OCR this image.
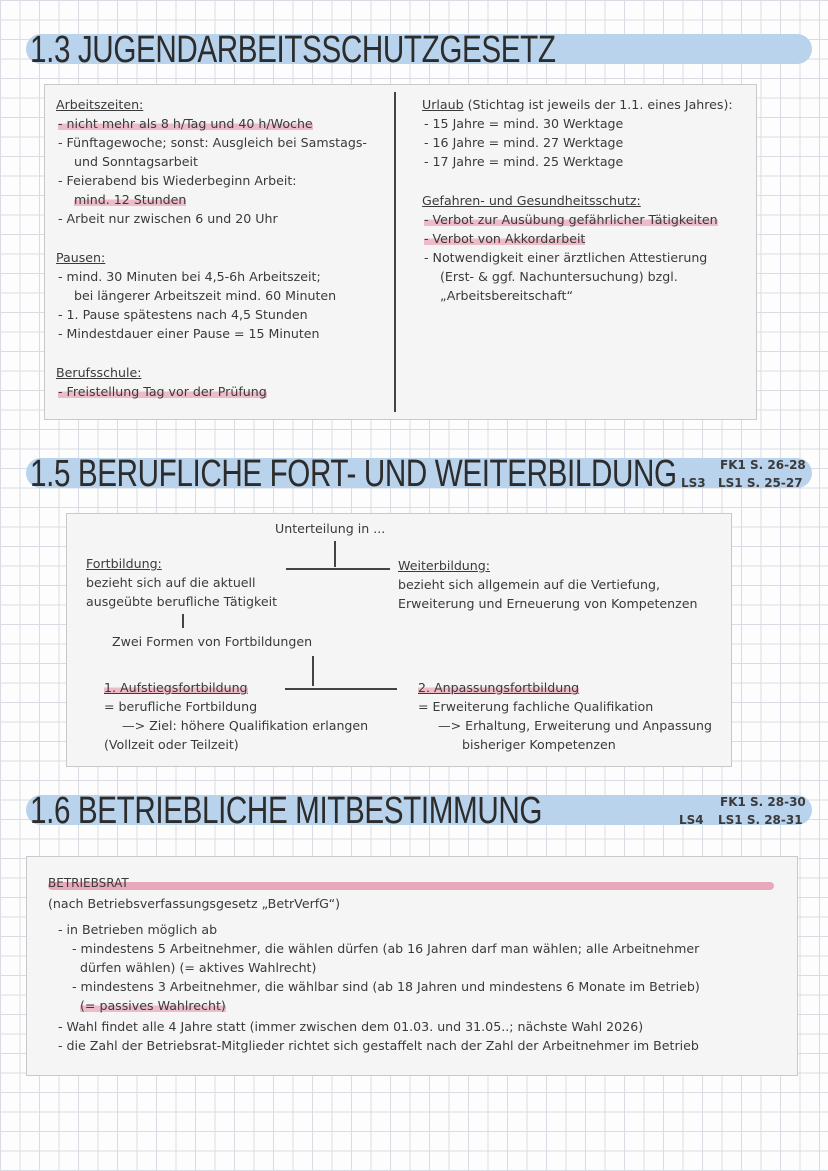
1.3 JUGENDARBEITSSCHUTZGESETZ
Arbeitszeiten:
- nicht mehr als 8 h/Tag und 40 h/Woche
- Fünftagewoche; sonst: Ausgleich bei Samstags-
und Sonntagsarbeit
- Feierabend bis Wiederbeginn Arbeit:
mind. 12 Stunden
- Arbeit nur zwischen 6 und 20 Uhr
Pausen:
- mind. 30 Minuten bei 4,5-6h Arbeitszeit;
bei längerer Arbeitszeit mind. 60 Minuten
- 1. Pause spätestens nach 4,5 Stunden
- Mindestdauer einer Pause = 15 Minuten
Berufsschule:
- Freistellung Tag vor der Prüfung
Urlaub (Stichtag ist jeweils der 1.1. eines Jahres):
- 15 Jahre = mind. 30 Werktage
- 16 Jahre = mind. 27 Werktage
- 17 Jahre = mind. 25 Werktage
Gefahren- und Gesundheitsschutz:
- Verbot zur Ausübung gefährlicher Tätigkeiten
- Verbot von Akkordarbeit
- Notwendigkeit einer ärztlichen Attestierung
(Erst- & ggf. Nachuntersuchung) bzgl.
„Arbeitsbereitschaft“
1.5 BERUFLICHE FORT- UND WEITERBILDUNG LS3
FK1 S. 26-28
LS1 S. 25-27
Unterteilung in ...
Fortbildung:
bezieht sich auf die aktuell
ausgeübte berufliche Tätigkeit
Zwei Formen von Fortbildungen
Weiterbildung:
bezieht sich allgemein auf die Vertiefung,
Erweiterung und Erneuerung von Kompetenzen
1. Aufstiegsfortbildung
= berufliche Fortbildung
—> Ziel: höhere Qualifikation erlangen
(Vollzeit oder Teilzeit)
2. Anpassungsfortbildung
= Erweiterung fachliche Qualifikation
—> Erhaltung, Erweiterung und Anpassung
bisheriger Kompetenzen
1.6 BETRIEBLICHE MITBESTIMMUNG	LS4
FK1 S. 28-30
LS1 S. 28-31
BETRIEBSRAT
(nach Betriebsverfassungsgesetz „BetrVerfG“)
- in Betrieben möglich ab
- mindestens 5 Arbeitnehmer, die wählen dürfen (ab 16 Jahren darf man wählen; alle Arbeitnehmer
dürfen wählen) (= aktives Wahlrecht)
- mindestens 3 Arbeitnehmer, die wählbar sind (ab 18 Jahren und mindestens 6 Monate im Betrieb)
(= passives Wahlrecht)
- Wahl findet alle 4 Jahre statt (immer zwischen dem 01.03. und 31.05..; nächste Wahl 2026)
- die Zahl der Betriebsrat-Mitglieder richtet sich gestaffelt nach der Zahl der Arbeitnehmer im Betrieb
